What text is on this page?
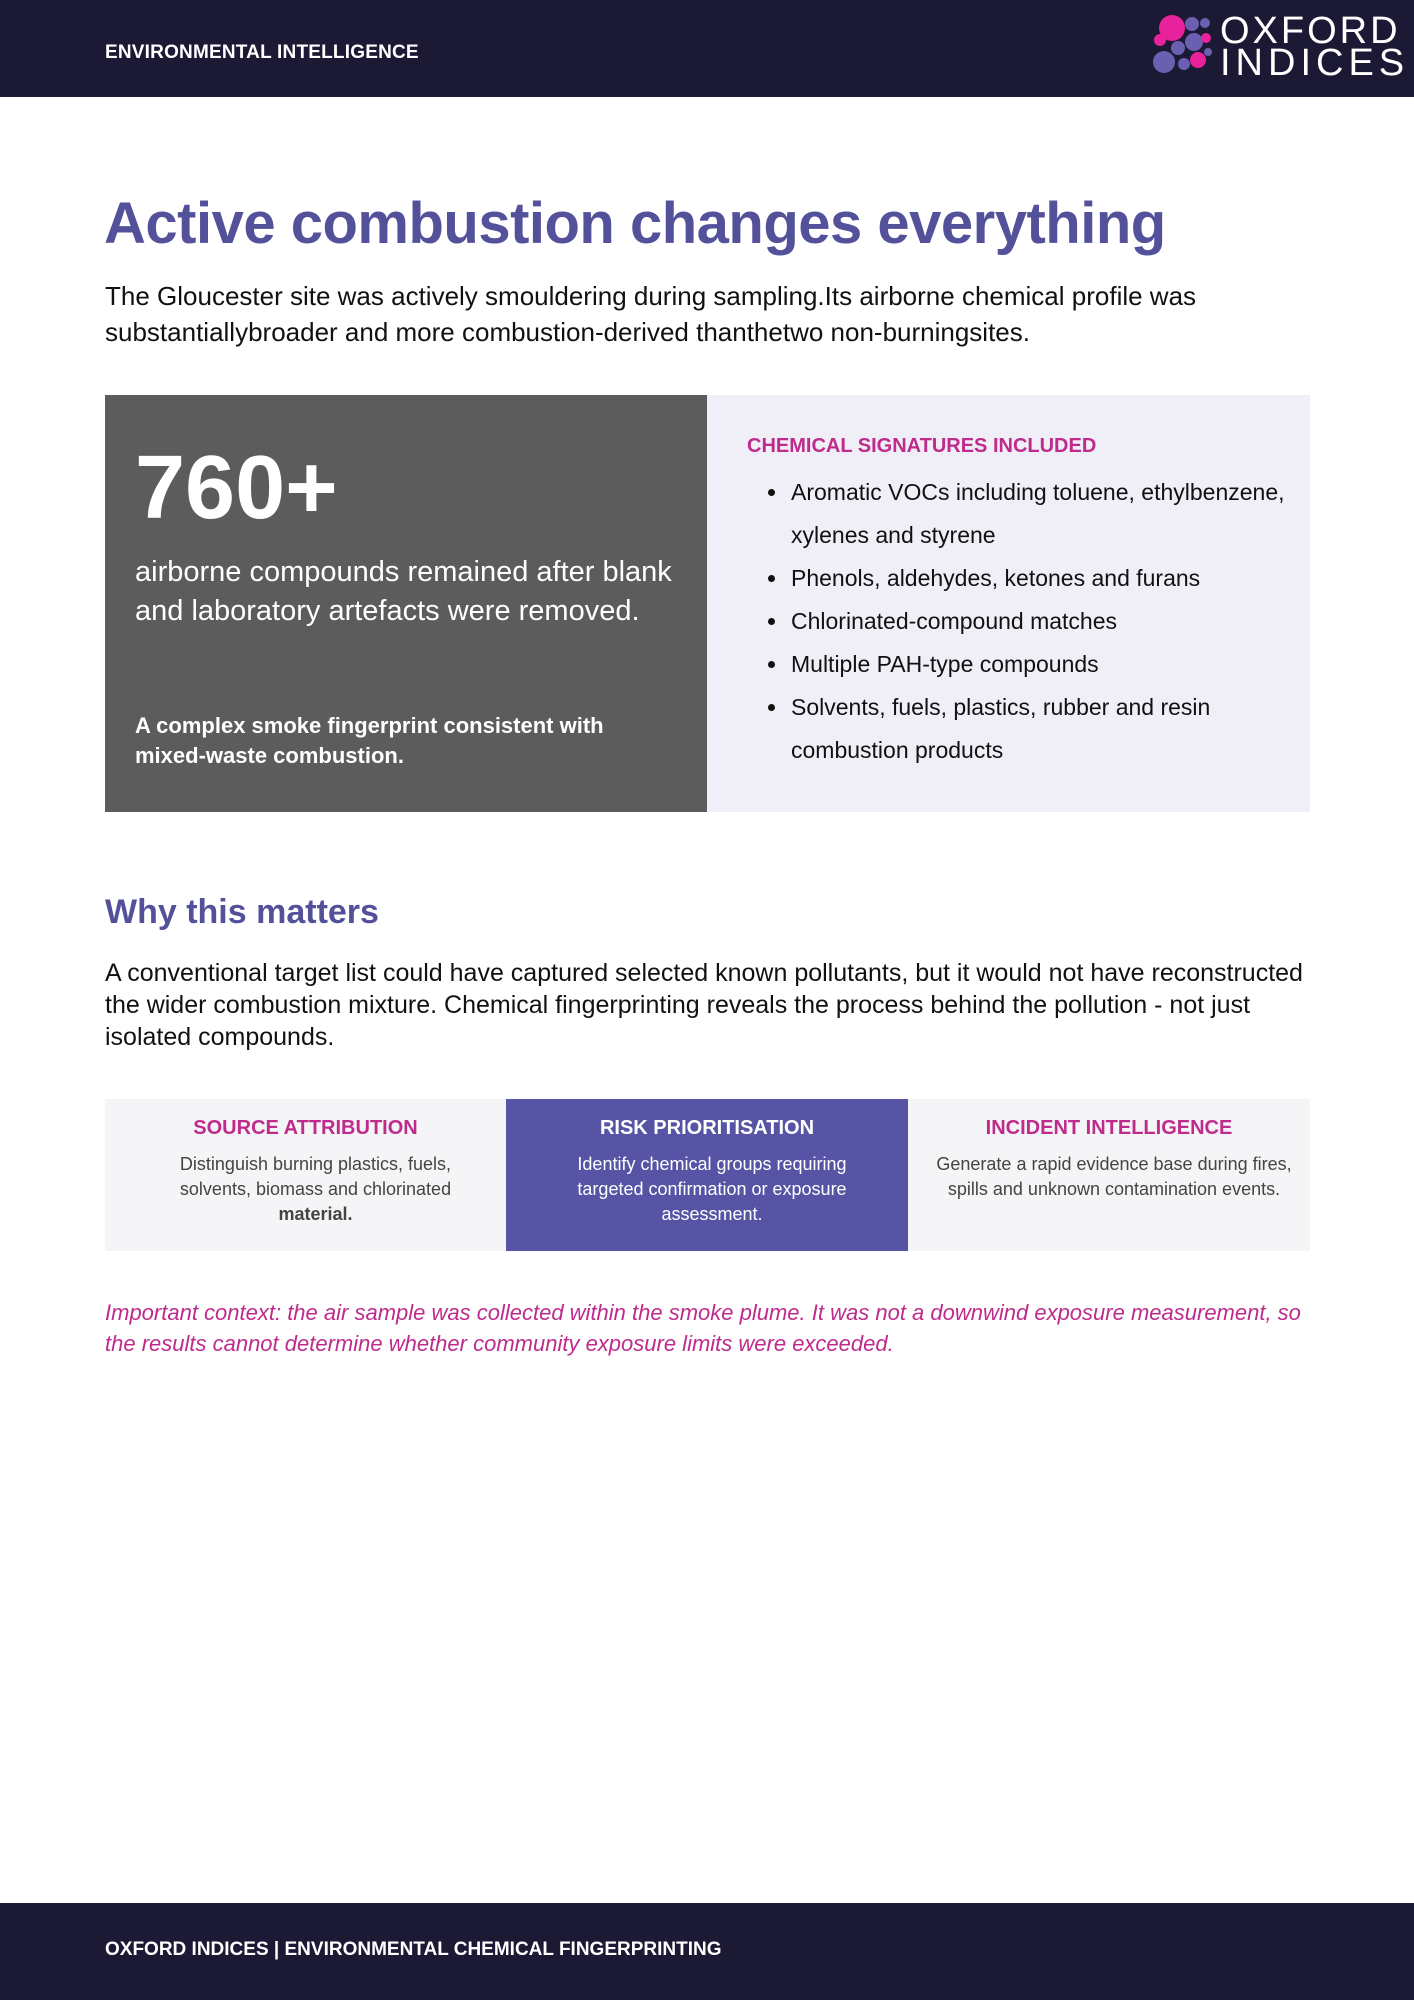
ENVIRONMENTAL INTELLIGENCE
OXFORD
INDICES
Active combustion changes everything

The Gloucester site was actively smouldering during sampling.Its airborne chemical profile was substantiallybroader and more combustion-derived thanthetwo non-burningsites.

760+
airborne compounds remained after blank and laboratory artefacts were removed.
A complex smoke fingerprint consistent with mixed-waste combustion.
CHEMICAL SIGNATURES INCLUDED
• Aromatic VOCs including toluene, ethylbenzene, xylenes and styrene
• Phenols, aldehydes, ketones and furans
• Chlorinated-compound matches
• Multiple PAH-type compounds
• Solvents, fuels, plastics, rubber and resin combustion products
Why this matters

A conventional target list could have captured selected known pollutants, but it would not have reconstructed the wider combustion mixture. Chemical fingerprinting reveals the process behind the pollution - not just isolated compounds.

SOURCE ATTRIBUTION
Distinguish burning plastics, fuels, solvents, biomass and chlorinated material.
RISK PRIORITISATION
Identify chemical groups requiring targeted confirmation or exposure assessment.
INCIDENT INTELLIGENCE
Generate a rapid evidence base during fires, spills and unknown contamination events.

Important context: the air sample was collected within the smoke plume. It was not a downwind exposure measurement, so the results cannot determine whether community exposure limits were exceeded.

OXFORD INDICES | ENVIRONMENTAL CHEMICAL FINGERPRINTING
